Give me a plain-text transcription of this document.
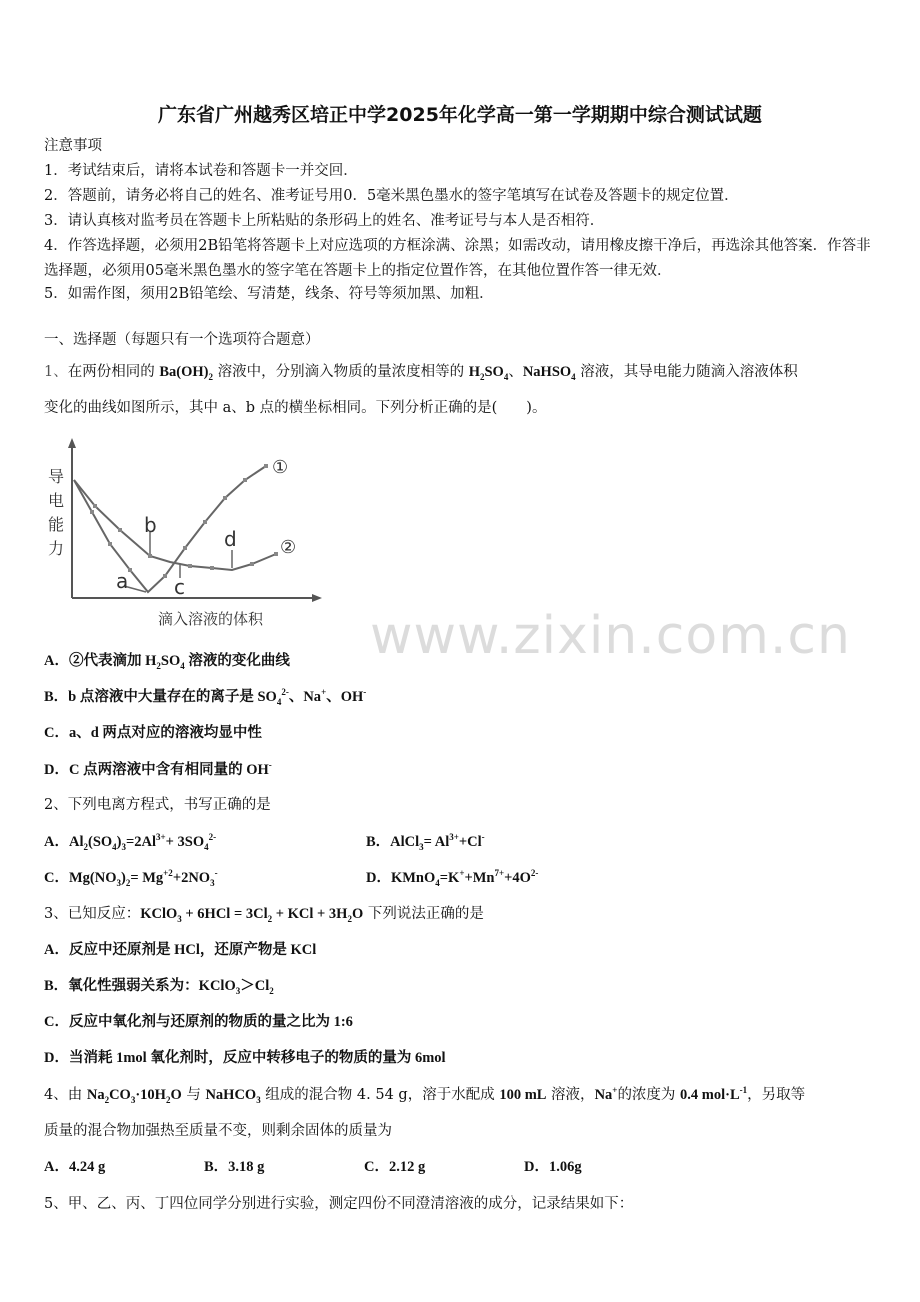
广东省广州越秀区培正中学2025年化学高一第一学期期中综合测试试题
注意事项
1．考试结束后，请将本试卷和答题卡一并交回．
2．答题前，请务必将自己的姓名、准考证号用0．5毫米黑色墨水的签字笔填写在试卷及答题卡的规定位置．
3．请认真核对监考员在答题卡上所粘贴的条形码上的姓名、准考证号与本人是否相符．
4．作答选择题，必须用2B铅笔将答题卡上对应选项的方框涂满、涂黑；如需改动，请用橡皮擦干净后，再选涂其他答案．作答非选择题，必须用05毫米黑色墨水的签字笔在答题卡上的指定位置作答，在其他位置作答一律无效．
5．如需作图，须用2B铅笔绘、写清楚，线条、符号等须加黑、加粗．
一、选择题（每题只有一个选项符合题意）
1、在两份相同的 $Ba(OH)_2$ 溶液中，分别滴入物质的量浓度相等的 $H_2SO_4$、NaHSO$_4$ 溶液，其导电能力随滴入溶液体积
变化的曲线如图所示，其中 a、b 点的横坐标相同。下列分析正确的是(　　)。
导
电
能
力
a
b
c
d
①
②
滴入溶液的体积 www.zixin.com.cn
A．②代表滴加 $H_2SO_4$ 溶液的变化曲线
B．b 点溶液中大量存在的离子是 $SO_4^{2-}$、Na+、OH-
C．a、d 两点对应的溶液均显中性
D．C 点两溶液中含有相同量的 OH-
2、下列电离方程式，书写正确的是
A．$Al_2(SO_4)_3=2Al^{3+}+ 3SO_4^{2-}$	B．AlCl$_3$= $Al^{3+}+Cl^-$
C．$Mg(NO_3)_2= Mg^{+2}+2NO_3^-$	D．$KMnO_4=K^++Mn^{7+}+4O^{2-}$
3、已知反应：KClO$_3$ + $6HCl = 3Cl_2$ + KCl + $3H_2O$ 下列说法正确的是
A．反应中还原剂是 HCl，还原产物是 KCl
B．氧化性强弱关系为：$KClO_3>Cl_2$
C．反应中氧化剂与还原剂的物质的量之比为 1:6
D．当消耗 1mol 氧化剂时，反应中转移电子的物质的量为 6mol
4、由 $Na_2CO_3\cdot 10H_2O$ 与 NaHCO$_3$ 组成的混合物 4. 54 g，溶于水配成 100 mL 溶液，Na+的浓度为 0.4 $mol\cdot L^{-1}$，另取等
质量的混合物加强热至质量不变，则剩余固体的质量为
A．4.24 g	B．3.18 g	C．2.12 g	D．1.06g
5、甲、乙、丙、丁四位同学分别进行实验，测定四份不同澄清溶液的成分，记录结果如下：
